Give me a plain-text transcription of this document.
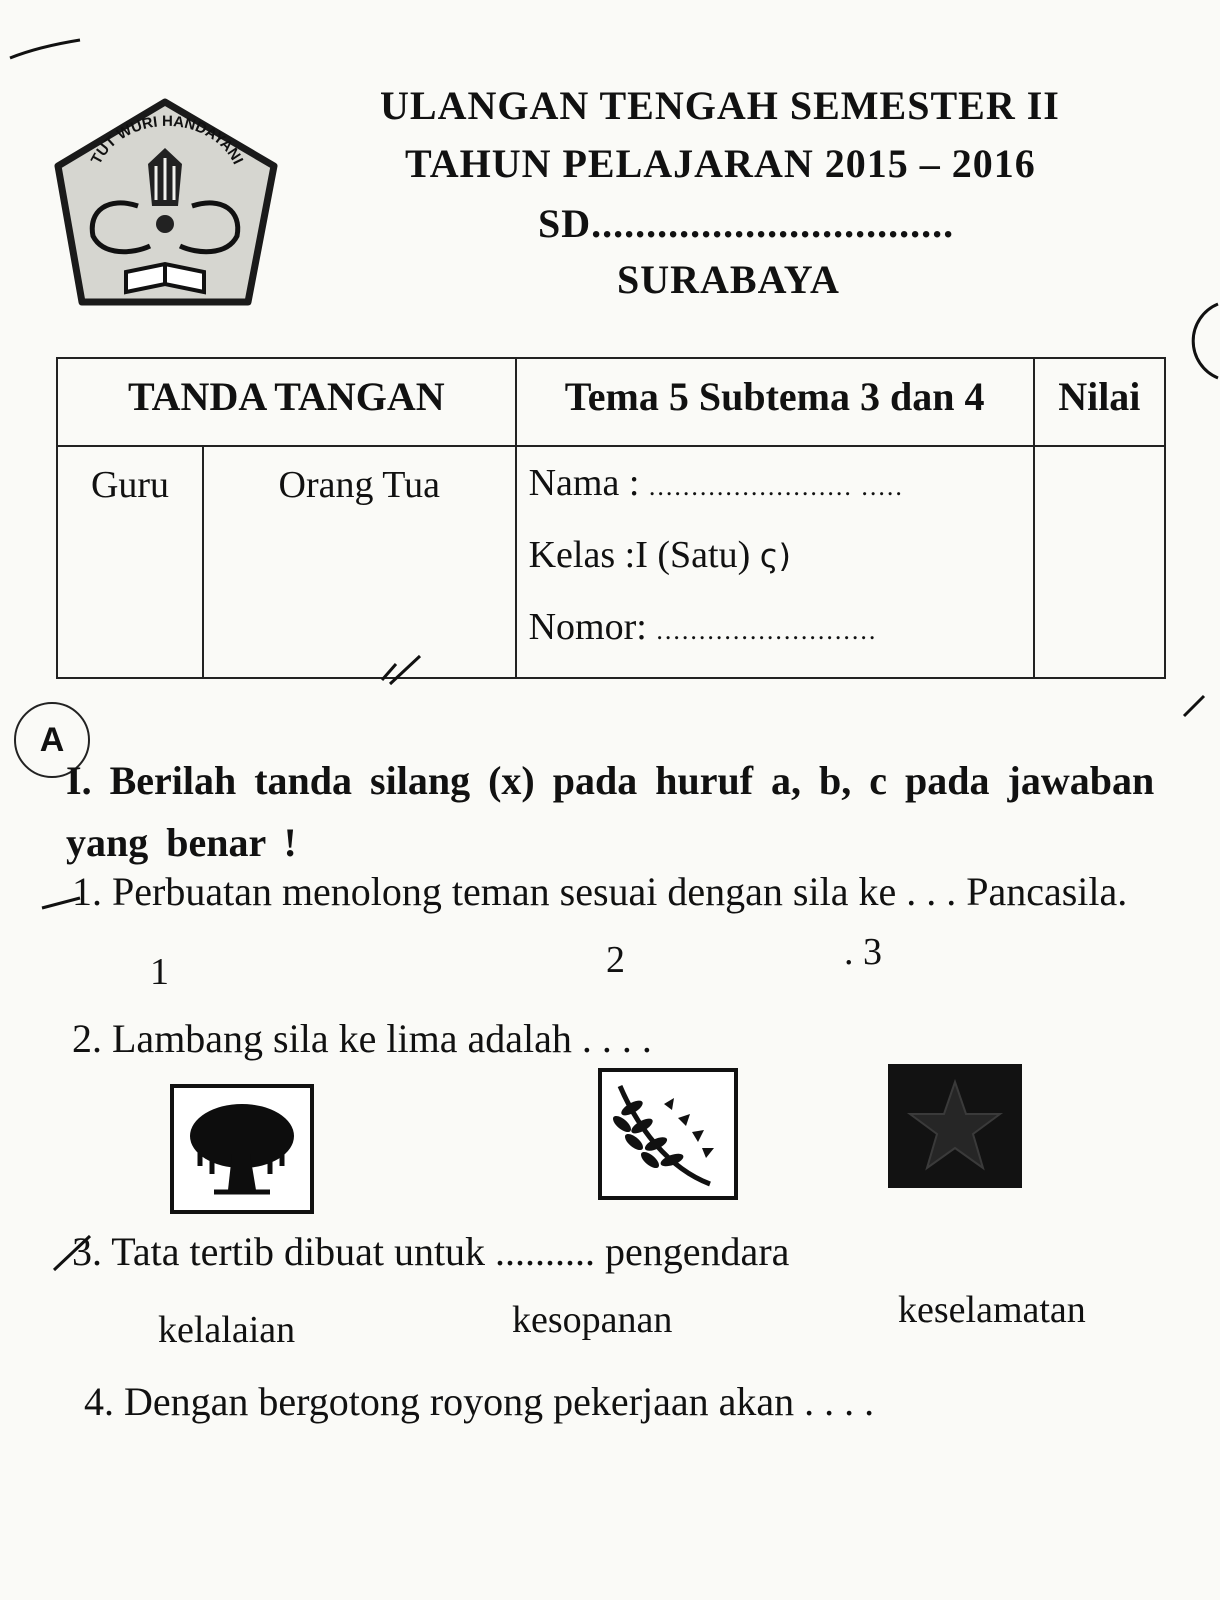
TUT WURI HANDAYANI
ULANGAN TENGAH SEMESTER II
TAHUN PELAJARAN 2015 – 2016
SD.................................
SURABAYA
TANDA TANGAN		Tema 5 Subtema 3 dan 4	Nilai
Guru	Orang Tua	Nama : ........................ .....
Kelas :I (Satu) ς)
Nomor: ..........................	

A
I. Berilah tanda silang (x) pada huruf a, b, c pada jawaban yang benar !
1. Perbuatan menolong teman sesuai dengan sila ke . . . Pancasila.
1	2	. 3
2. Lambang sila ke lima adalah . . . .
3. Tata tertib dibuat untuk .......... pengendara
kelalaian	kesopanan	keselamatan
4. Dengan bergotong royong pekerjaan akan . . . .
